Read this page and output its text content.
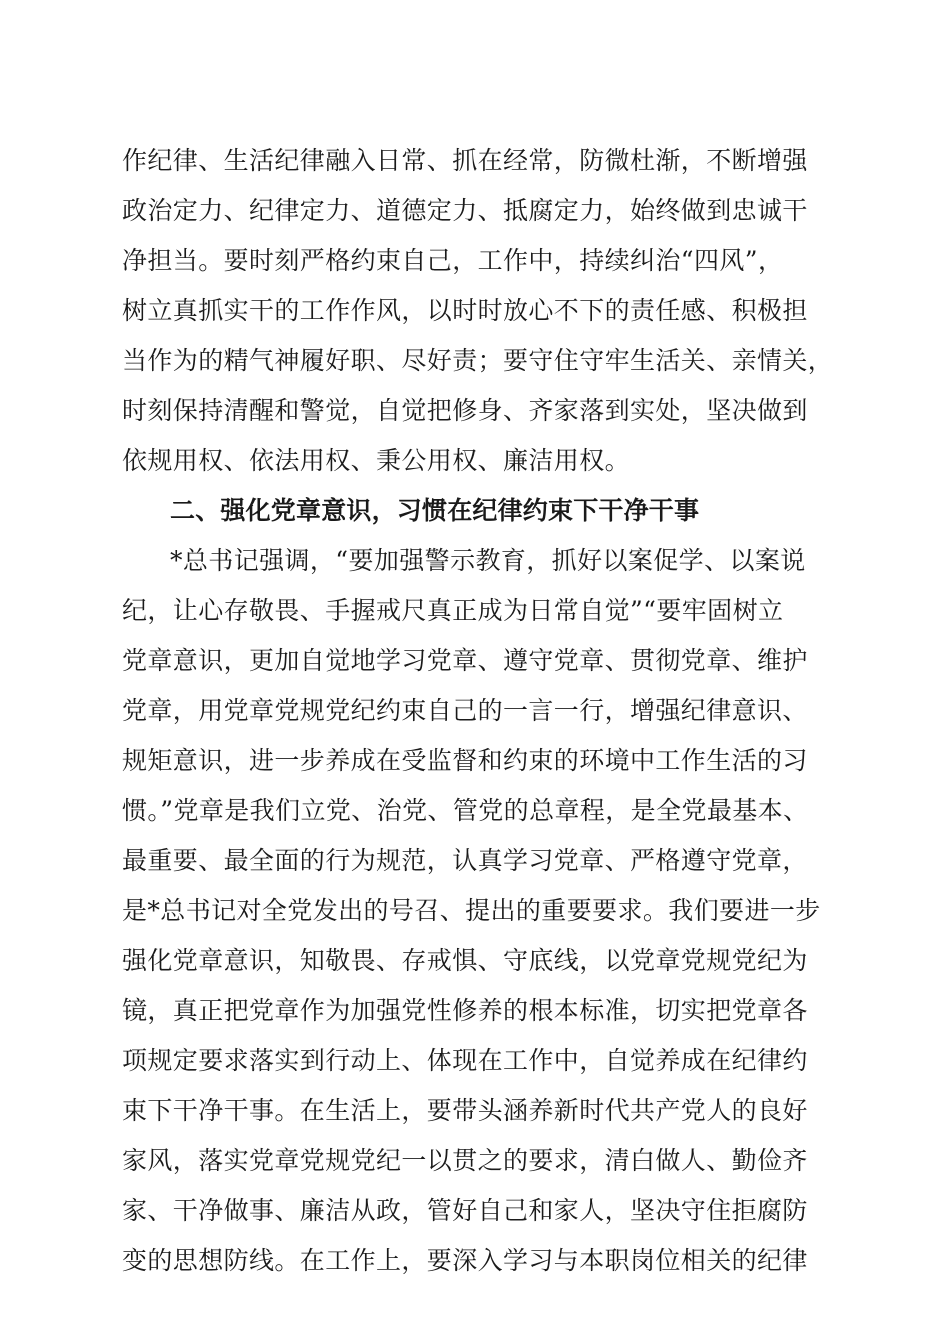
作纪律、生活纪律融入日常、抓在经常，防微杜渐，不断增强
政治定力、纪律定力、道德定力、抵腐定力，始终做到忠诚干
净担当。要时刻严格约束自己，工作中，持续纠治“四风”，
树立真抓实干的工作作风，以时时放心不下的责任感、积极担
当作为的精气神履好职、尽好责；要守住守牢生活关、亲情关，
时刻保持清醒和警觉，自觉把修身、齐家落到实处，坚决做到
依规用权、依法用权、秉公用权、廉洁用权。
二、强化党章意识，习惯在纪律约束下干净干事
*总书记强调，“要加强警示教育，抓好以案促学、以案说
纪，让心存敬畏、手握戒尺真正成为日常自觉”“要牢固树立
党章意识，更加自觉地学习党章、遵守党章、贯彻党章、维护
党章，用党章党规党纪约束自己的一言一行，增强纪律意识、
规矩意识，进一步养成在受监督和约束的环境中工作生活的习
惯。”党章是我们立党、治党、管党的总章程，是全党最基本、
最重要、最全面的行为规范，认真学习党章、严格遵守党章，
是*总书记对全党发出的号召、提出的重要要求。我们要进一步
强化党章意识，知敬畏、存戒惧、守底线，以党章党规党纪为
镜，真正把党章作为加强党性修养的根本标准，切实把党章各
项规定要求落实到行动上、体现在工作中，自觉养成在纪律约
束下干净干事。在生活上，要带头涵养新时代共产党人的良好
家风，落实党章党规党纪一以贯之的要求，清白做人、勤俭齐
家、干净做事、廉洁从政，管好自己和家人，坚决守住拒腐防
变的思想防线。在工作上，要深入学习与本职岗位相关的纪律
